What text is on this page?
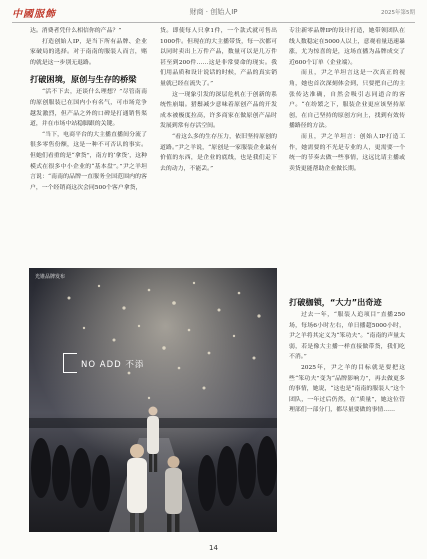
中國服飾	财商 · 创始人IP	2025年第5期

达。消费者凭什么相信你的产品？”

打造创始人IP，是当下所有品牌、企业家破局的选择。对于南南的服装人而言，赌的就是这一步别无退路。

打破困境，原创与生存的桥梁

“活不下去，还谈什么理想？”尽管南南的原创服装已在国内小有名气，可市场竞争越发激烈，但产品之外的口碑是打通销售渠道，并在市场中站稳脚跟的关键。

“当下，电商平台的大主播直播间分流了很多零售份额，这是一种不可否认的事实。但她们看重的是“拿货”，南方的‘拿货’，这种模式在很多中小企业的“基本盘”。”尹之羊坦言说：“南南的品牌一直服务全国范围内的客户，一个经销商这次会同500个客户拿货，

货。即使每人只拿1件，一个款式就可售出1000件。但现在的大主播带货，每一次都可以同时卖出上万件产品，数量可以是几万件甚至到200件……这是非常要命的现实。我们用品质和设计说话的时候，产品的真实销量就已经在流失了。”

这一现象引发的深层危机在于创新的系统性崩塌。猎鬃减少意味着原创产品的开发成本被极度拉高，许多商家在做原创产品时发展到常有存活空间。

“看这么多的生存压力，依旧坚持原创的道路。”尹之羊说，“原创是一家服装企业最有价值的东西，是企业的底线，也是我们走下去的动力，不能丢。”

专注新零品牌IP的设计打造，她带领团队在线人数稳定在5000人以上，意观看量迅速暴涨，尤为惊喜的是，这场直播为品牌成交了近600个订单（企业端）。

而且，尹之羊坦言这是一次真正的视角，她也首次深刻体会到，只要把自己的主张传达准确，自然会吸引志同道合的客户。“在纷繁之下，服装企业更应该坚持原创，在自己坚持的原创方向上，找到有效传播路径的方法。

而且，尹之羊坦言：创始人IP打造工作，她需要的不光是专业的人，更需要一个统一的节奏去做一些事情，这远比请主播或卖货更能帮助企业做长期。

打破枷锁，“大力”出奇迹

过去一年，“服装人追项目”直播250场，每场6小时左右，单日播超5000小时，尹之羊将其定义为“笨功夫”。“南南的声量太弱，若是像大主播一样直接做带货，我们吃不消。”

2025年，尹之羊的目标就是要把这些“笨功夫”变为“品牌影响力”，再去做更多的事情，她说，“这也是“南南的服装人”这个团队，一年过后仍然，在“质量”，她这位管理部们一部分门，都尽量要做的事情……

光锥品牌发布
NO ADD 不添
14
